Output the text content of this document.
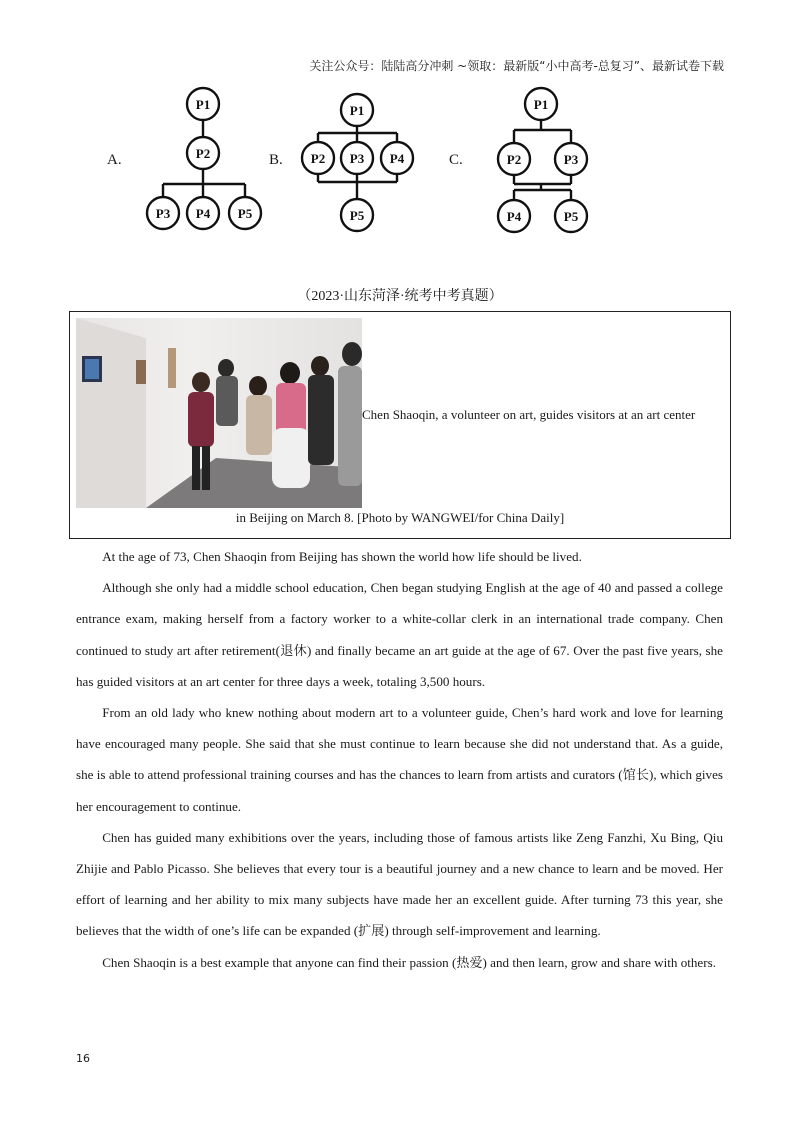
关注公众号：陆陆高分冲刺 ~领取：最新版“小中高考-总复习”、最新试卷下载
A.	B.	C.
P1
P2
P3 P4 P5
P1
P2 P3 P4
P5
P1
P2	P3
P4	P5
（2023·山东菏泽·统考中考真题）
Chen Shaoqin, a volunteer on art, guides visitors at an art center
in Beijing on March 8. [Photo by WANGWEI/for China Daily]

At the age of 73, Chen Shaoqin from Beijing has shown the world how life should be lived.

Although she only had a middle school education, Chen began studying English at the age of 40 and passed a college entrance exam, making herself from a factory worker to a white-collar clerk in an international trade company. Chen continued to study art after retirement(退休) and finally became an art guide at the age of 67. Over the past five years, she has guided visitors at an art center for three days a week, totaling 3,500 hours.

From an old lady who knew nothing about modern art to a volunteer guide, Chen’s hard work and love for learning have encouraged many people. She said that she must continue to learn because she did not understand that. As a guide, she is able to attend professional training courses and has the chances to learn from artists and curators (馆长), which gives her encouragement to continue.

Chen has guided many exhibitions over the years, including those of famous artists like Zeng Fanzhi, Xu Bing, Qiu Zhijie and Pablo Picasso. She believes that every tour is a beautiful journey and a new chance to learn and be moved. Her effort of learning and her ability to mix many subjects have made her an excellent guide. After turning 73 this year, she believes that the width of one’s life can be expanded (扩展) through self-improvement and learning.

Chen Shaoqin is a best example that anyone can find their passion (热爱) and then learn, grow and share with others.

16
